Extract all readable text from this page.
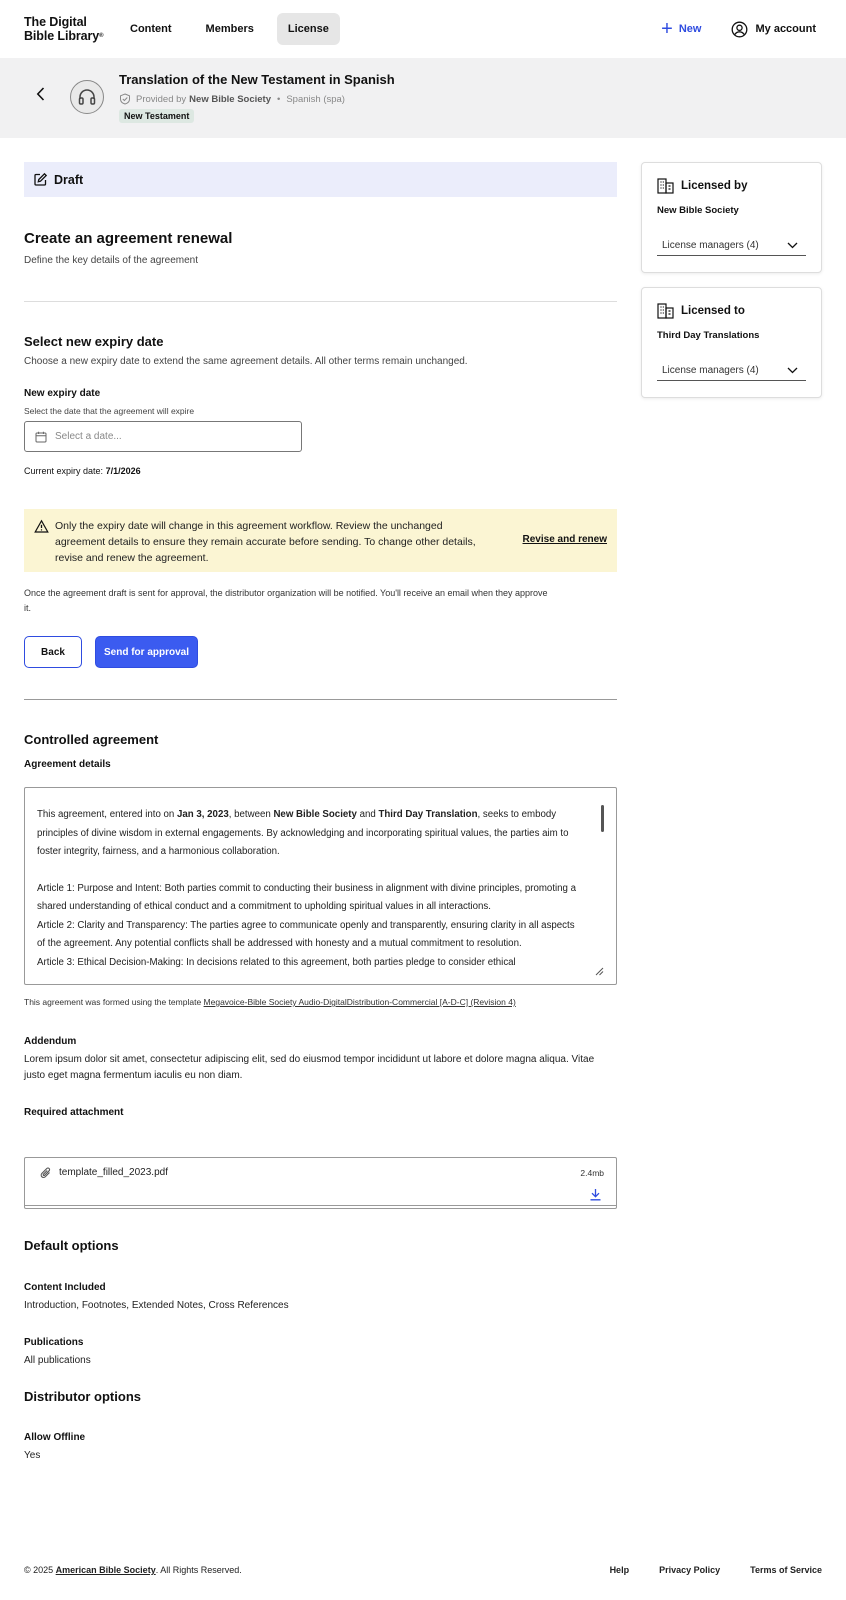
The Digital
Bible Library®
Content	Members	License	+ New	My account
Translation of the New Testament in Spanish
Provided by New Bible Society • Spanish (spa)
New Testament
Draft
Create an agreement renewal
Define the key details of the agreement
Select new expiry date
Choose a new expiry date to extend the same agreement details. All other terms remain unchanged.
New expiry date
Select the date that the agreement will expire
Select a date...
Current expiry date: 7/1/2026
Only the expiry date will change in this agreement workflow. Review the unchanged
agreement details to ensure they remain accurate before sending. To change other details,
revise and renew the agreement.
Revise and renew
Once the agreement draft is sent for approval, the distributor organization will be notified. You'll receive an email when they approve
it.
Back	Send for approval
Controlled agreement
Agreement details

This agreement, entered into on Jan 3, 2023, between New Bible Society and Third Day Translation, seeks to embody principles of divine wisdom in external engagements. By acknowledging and incorporating spiritual values, the parties aim to foster integrity, fairness, and a harmonious collaboration.

Article 1: Purpose and Intent: Both parties commit to conducting their business in alignment with divine principles, promoting a shared understanding of ethical conduct and a commitment to upholding spiritual values in all interactions.

Article 2: Clarity and Transparency: The parties agree to communicate openly and transparently, ensuring clarity in all aspects of the agreement. Any potential conflicts shall be addressed with honesty and a mutual commitment to resolution.

Article 3: Ethical Decision-Making: In decisions related to this agreement, both parties pledge to consider ethical

This agreement was formed using the template Megavoice-Bible Society Audio-DigitalDistribution-Commercial [A-D-C] (Revision 4)
Addendum
Lorem ipsum dolor sit amet, consectetur adipiscing elit, sed do eiusmod tempor incididunt ut labore et dolore magna aliqua. Vitae justo eget magna fermentum iaculis eu non diam.
Required attachment
template_filled_2023.pdf	2.4mb
Default options
Content Included
Introduction, Footnotes, Extended Notes, Cross References
Publications
All publications
Distributor options
Allow Offline
Yes
Licensed by
New Bible Society
License managers (4)
Licensed to
Third Day Translations
License managers (4)
© 2025 American Bible Society. All Rights Reserved.	Help	Privacy Policy	Terms of Service
